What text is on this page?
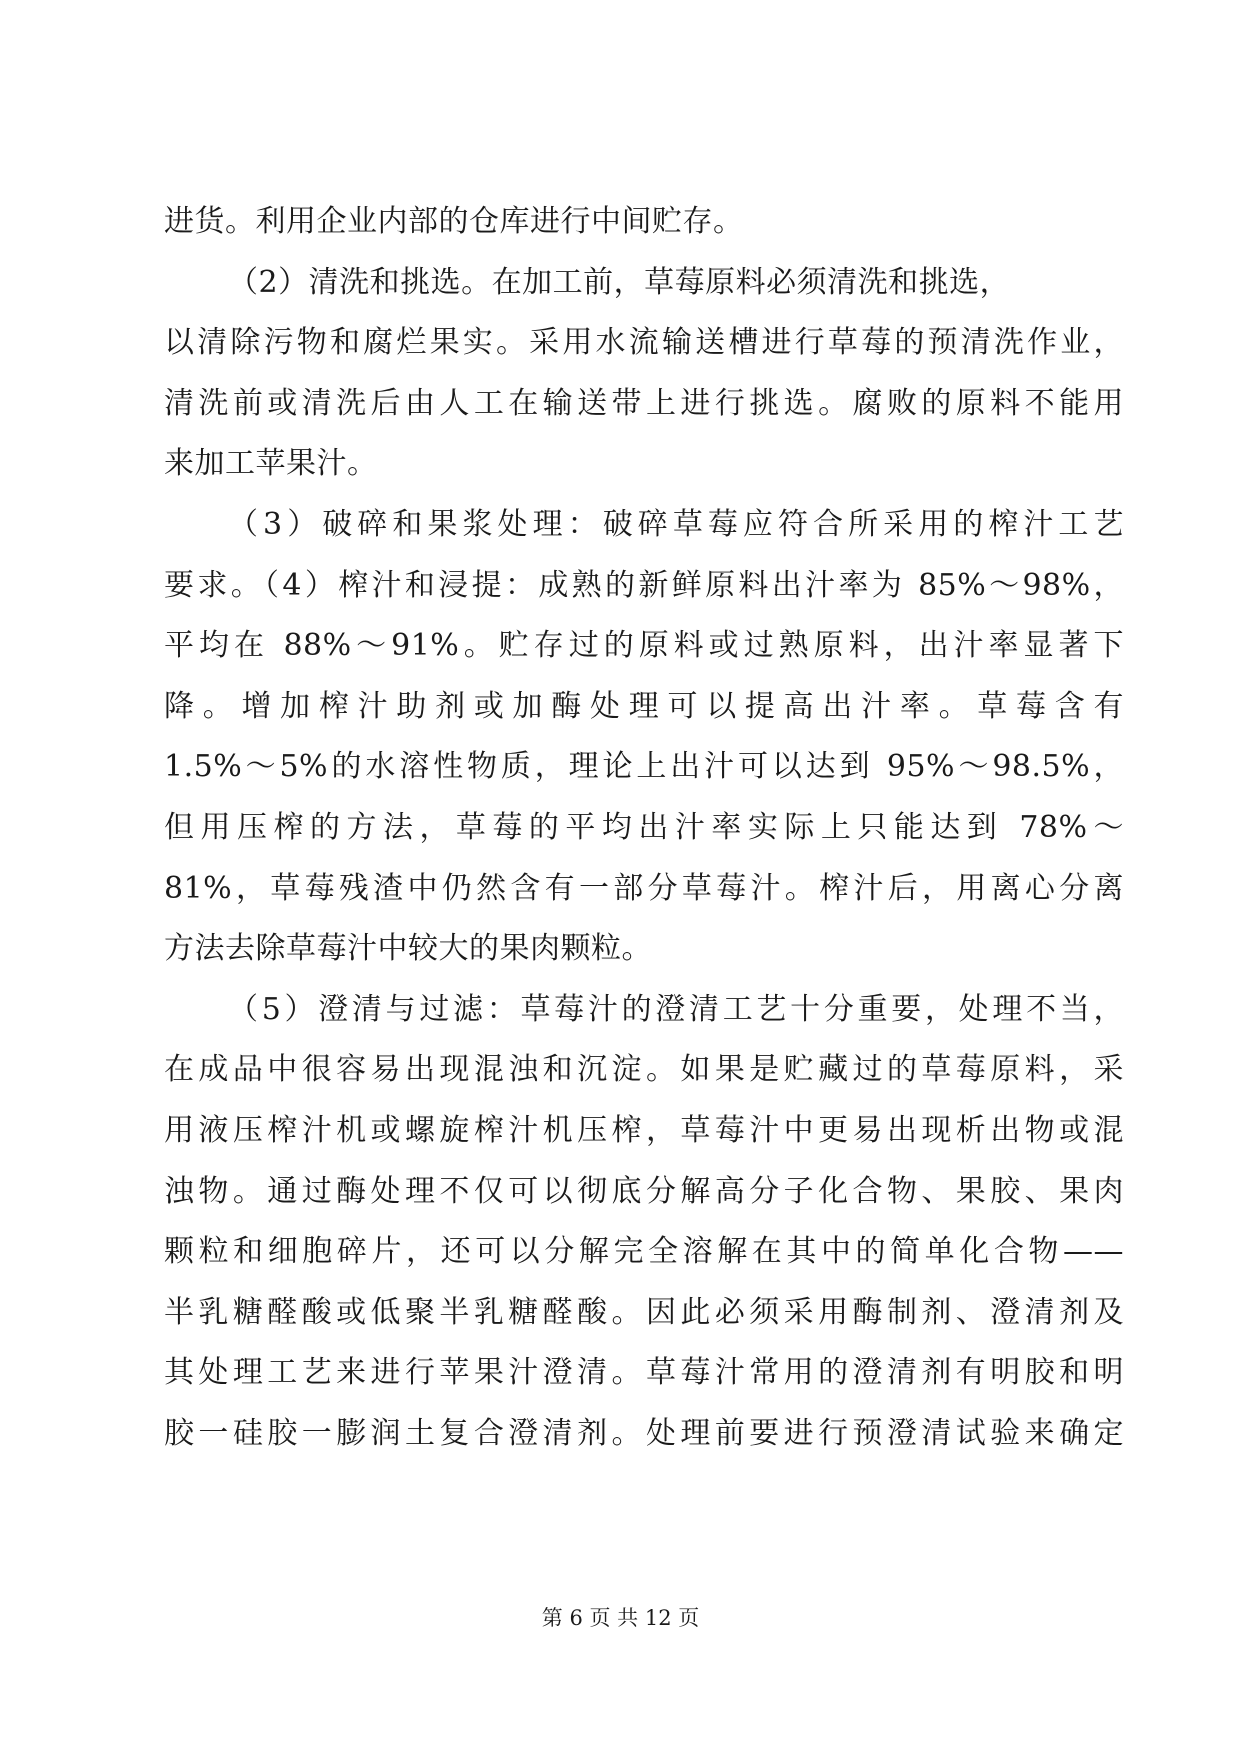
进货。利用企业内部的仓库进行中间贮存。
（2）清洗和挑选。在加工前，草莓原料必须清洗和挑选，
以清除污物和腐烂果实。采用水流输送槽进行草莓的预清洗作业，
清洗前或清洗后由人工在输送带上进行挑选。腐败的原料不能用
来加工苹果汁。
（3）破碎和果浆处理：破碎草莓应符合所采用的榨汁工艺
要求。（4）榨汁和浸提：成熟的新鲜原料出汁率为 85%～98%，
平均在 88%～91%。贮存过的原料或过熟原料，出汁率显著下
降。增加榨汁助剂或加酶处理可以提高出汁率。草莓含有
1.5%～5%的水溶性物质，理论上出汁可以达到 95%～98.5%，
但用压榨的方法，草莓的平均出汁率实际上只能达到 78%～
81%，草莓残渣中仍然含有一部分草莓汁。榨汁后，用离心分离
方法去除草莓汁中较大的果肉颗粒。
（5）澄清与过滤：草莓汁的澄清工艺十分重要，处理不当，
在成品中很容易出现混浊和沉淀。如果是贮藏过的草莓原料，采
用液压榨汁机或螺旋榨汁机压榨，草莓汁中更易出现析出物或混
浊物。通过酶处理不仅可以彻底分解高分子化合物、果胶、果肉
颗粒和细胞碎片，还可以分解完全溶解在其中的简单化合物——
半乳糖醛酸或低聚半乳糖醛酸。因此必须采用酶制剂、澄清剂及
其处理工艺来进行苹果汁澄清。草莓汁常用的澄清剂有明胶和明
胶一硅胶一膨润土复合澄清剂。处理前要进行预澄清试验来确定
第 6 页 共 12 页
